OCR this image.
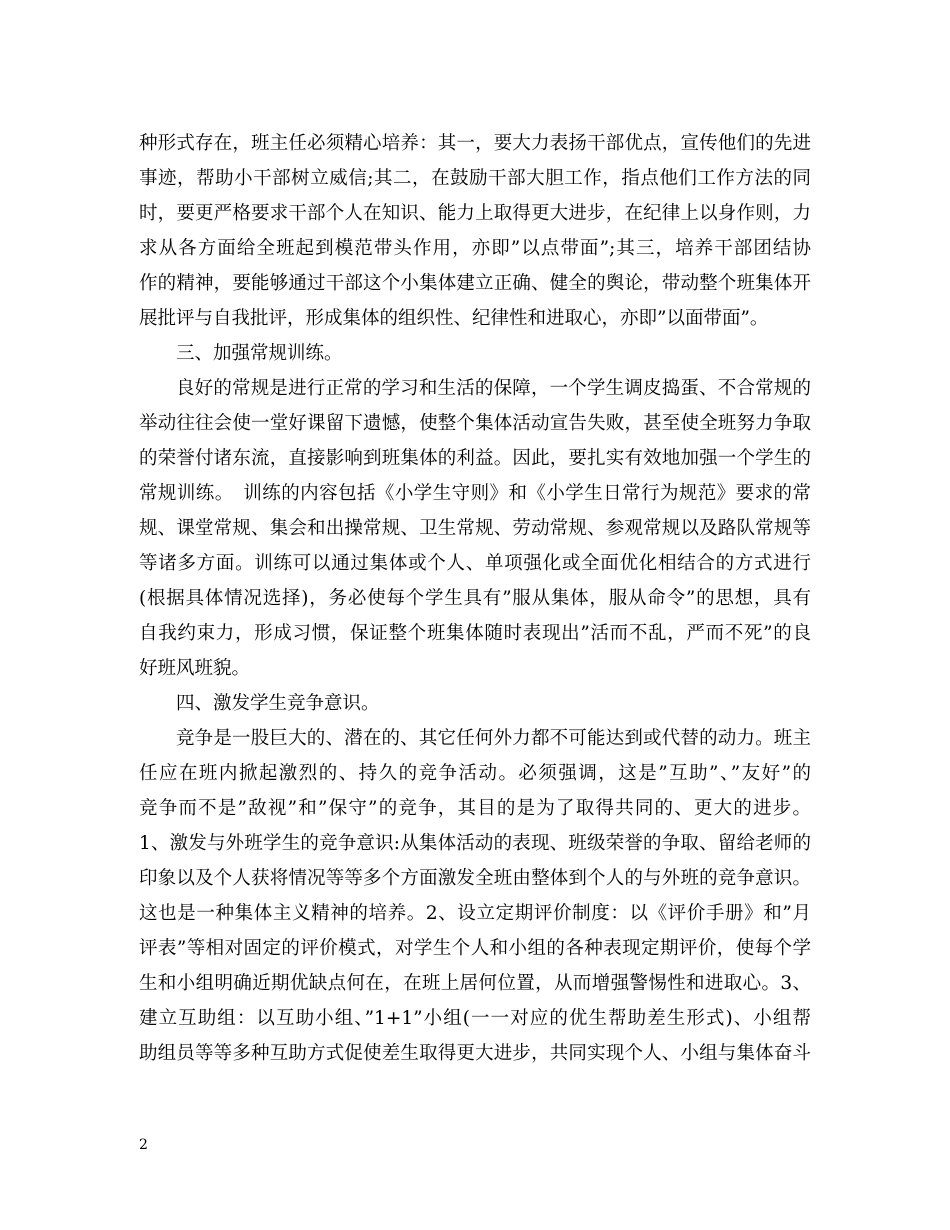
种形式存在，班主任必须精心培养：其一，要大力表扬干部优点，宣传他们的先进
事迹，帮助小干部树立威信;其二，在鼓励干部大胆工作，指点他们工作方法的同
时，要更严格要求干部个人在知识、能力上取得更大进步，在纪律上以身作则，力
求从各方面给全班起到模范带头作用，亦即”以点带面”;其三，培养干部团结协
作的精神，要能够通过干部这个小集体建立正确、健全的舆论，带动整个班集体开
展批评与自我批评，形成集体的组织性、纪律性和进取心，亦即”以面带面”。
三、加强常规训练。
良好的常规是进行正常的学习和生活的保障，一个学生调皮捣蛋、不合常规的
举动往往会使一堂好课留下遗憾，使整个集体活动宣告失败，甚至使全班努力争取
的荣誉付诸东流，直接影响到班集体的利益。因此，要扎实有效地加强一个学生的
常规训练。　训练的内容包括《小学生守则》和《小学生日常行为规范》要求的常
规、课堂常规、集会和出操常规、卫生常规、劳动常规、参观常规以及路队常规等
等诸多方面。训练可以通过集体或个人、单项强化或全面优化相结合的方式进行
(根据具体情况选择)，务必使每个学生具有”服从集体，服从命令”的思想，具有
自我约束力，形成习惯，保证整个班集体随时表现出”活而不乱，严而不死”的良
好班风班貌。
四、激发学生竞争意识。
竞争是一股巨大的、潜在的、其它任何外力都不可能达到或代替的动力。班主
任应在班内掀起激烈的、持久的竞争活动。必须强调，这是”互助”、”友好”的
竞争而不是”敌视”和”保守”的竞争，其目的是为了取得共同的、更大的进步。
1、激发与外班学生的竞争意识:从集体活动的表现、班级荣誉的争取、留给老师的
印象以及个人获将情况等等多个方面激发全班由整体到个人的与外班的竞争意识。
这也是一种集体主义精神的培养。2、设立定期评价制度：以《评价手册》和”月
评表”等相对固定的评价模式，对学生个人和小组的各种表现定期评价，使每个学
生和小组明确近期优缺点何在，在班上居何位置，从而增强警惕性和进取心。3、
建立互助组：以互助小组、”1+1”小组(一一对应的优生帮助差生形式)、小组帮
助组员等等多种互助方式促使差生取得更大进步，共同实现个人、小组与集体奋斗
2
